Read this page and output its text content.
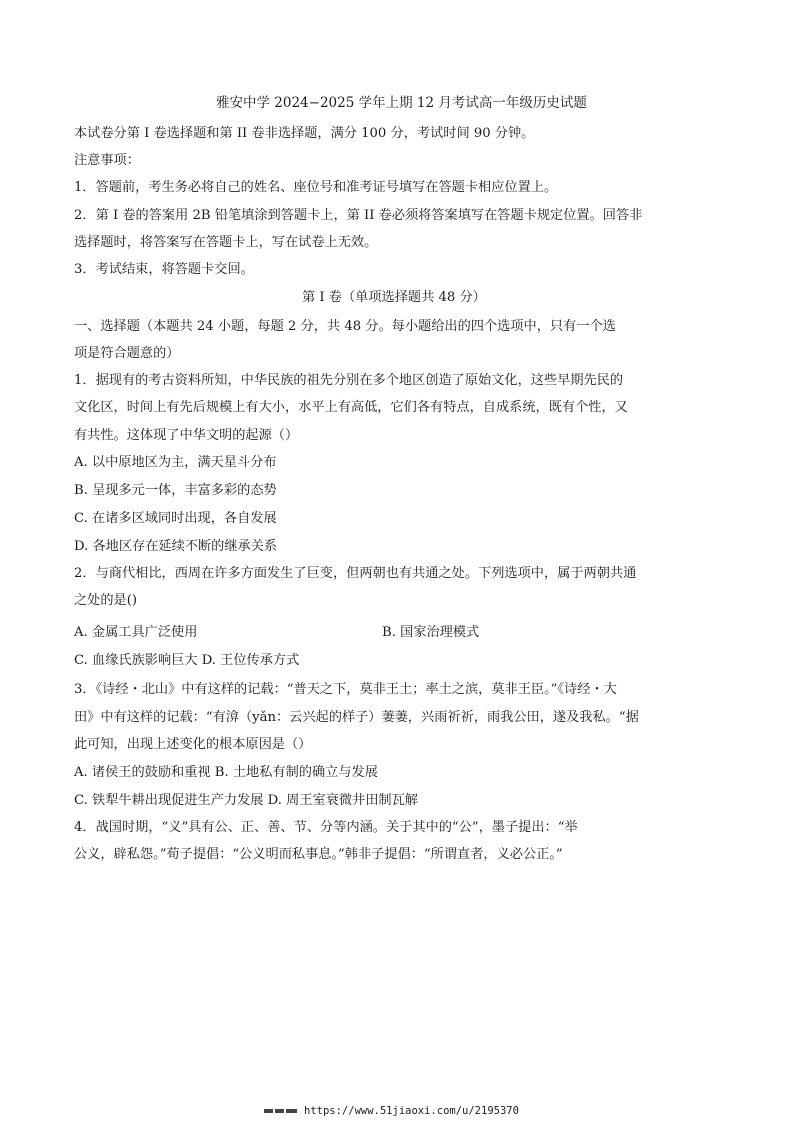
雅安中学 2024−2025 学年上期 12 月考试高一年级历史试题
本试卷分第 I 卷选择题和第 II 卷非选择题，满分 100 分，考试时间 90 分钟。
注意事项：
1．答题前，考生务必将自己的姓名、座位号和准考证号填写在答题卡相应位置上。
2．第 I 卷的答案用 2B 铅笔填涂到答题卡上，第 II 卷必须将答案填写在答题卡规定位置。回答非
选择题时，将答案写在答题卡上，写在试卷上无效。
3．考试结束，将答题卡交回。
第 I 卷（单项选择题共 48 分）
一、选择题（本题共 24 小题，每题 2 分，共 48 分。每小题给出的四个选项中，只有一个选
项是符合题意的）
1．据现有的考古资料所知，中华民族的祖先分别在多个地区创造了原始文化，这些早期先民的
文化区，时间上有先后规模上有大小，水平上有高低，它们各有特点，自成系统，既有个性，又
有共性。这体现了中华文明的起源（）
A. 以中原地区为主，满天星斗分布
B. 呈现多元一体，丰富多彩的态势
C. 在诸多区域同时出现，各自发展
D. 各地区存在延续不断的继承关系
2．与商代相比，西周在许多方面发生了巨变，但两朝也有共通之处。下列选项中，属于两朝共通
之处的是()
A. 金属工具广泛使用	B. 国家治理模式
C. 血缘氏族影响巨大 D. 王位传承方式
3．《诗经・北山》中有这样的记载：“普天之下，莫非王土；率土之滨，莫非王臣。”《诗经・大
田》中有这样的记载：“有渰（yǎn：云兴起的样子）萋萋，兴雨祈祈，雨我公田，遂及我私。“据
此可知，出现上述变化的根本原因是（）
A. 诸侯王的鼓励和重视 B. 土地私有制的确立与发展
C. 铁犁牛耕出现促进生产力发展 D. 周王室衰微井田制瓦解
4．战国时期，“义”具有公、正、善、节、分等内涵。关于其中的“公”，墨子提出：“举
公义，辟私怨。”荀子提倡：“公义明而私事息。”韩非子提倡：“所谓直者，义必公正。”
https://www.51jiaoxi.com/u/2195370
